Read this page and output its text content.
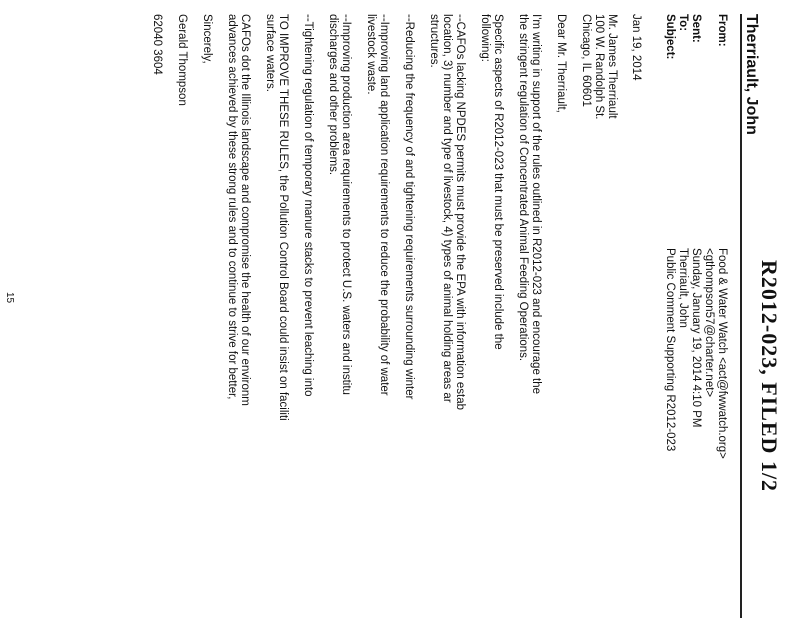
R2012-023, FILED 1/2
Therriault, John
From:
Food & Water Watch <act@fwwatch.org>
<gthompson57@charter.net>
Sent:
Sunday, January 19, 2014 4:10 PM
To:
Therriault, John
Subject:
Public Comment Supporting R2012-023
Jan 19, 2014
Mr. James Therriault
100 W. Randolph St.
Chicago, IL 60601
Dear Mr. Therriault,
I'm writing in support of the rules outlined in R2012-023 and encourage the
the stringent regulation of Concentrated Animal Feeding Operations.
Specific aspects of R2012-023 that must be preserved include the
following:
--CAFOs lacking NPDES permits must provide the EPA with information estab
location, 3) number and type of livestock, 4) types of animal holding areas ar
structures.
--Reducing the frequency of and tightening requirements surrounding winter
--Improving land application requirements to reduce the probability of water
livestock waste.
--Improving production area requirements to protect U.S. waters and institu
discharges and other problems.
--Tightening regulation of temporary manure stacks to prevent leaching into
TO IMPROVE THESE RULES, the Pollution Control Board could insist on faciliti
surface waters.
CAFOs dot the Illinois landscape and compromise the health of our environm
advances achieved by these strong rules and to continue to strive for better,
Sincerely,
Gerald Thompson
62040 3604
15
